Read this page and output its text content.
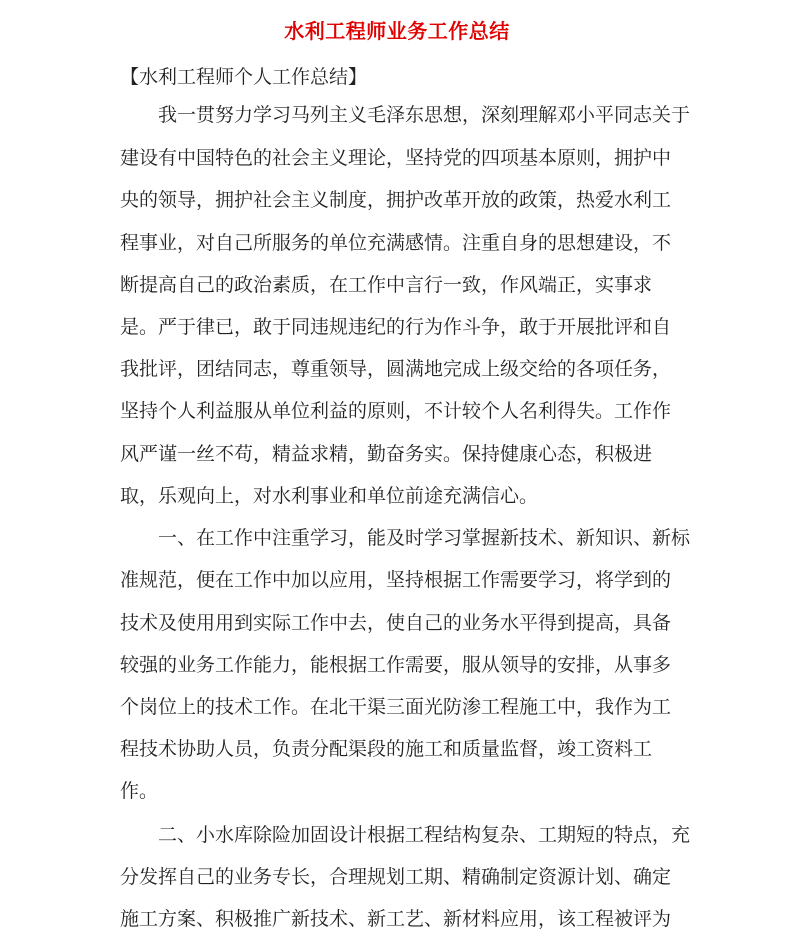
水利工程师业务工作总结
【水利工程师个人工作总结】
　　我一贯努力学习马列主义毛泽东思想，深刻理解邓小平同志关于
建设有中国特色的社会主义理论，坚持党的四项基本原则，拥护中
央的领导，拥护社会主义制度，拥护改革开放的政策，热爱水利工
程事业，对自己所服务的单位充满感情。注重自身的思想建设，不
断提高自己的政治素质，在工作中言行一致，作风端正，实事求
是。严于律已，敢于同违规违纪的行为作斗争，敢于开展批评和自
我批评，团结同志，尊重领导，圆满地完成上级交给的各项任务，
坚持个人利益服从单位利益的原则，不计较个人名利得失。工作作
风严谨一丝不苟，精益求精，勤奋务实。保持健康心态，积极进
取，乐观向上，对水利事业和单位前途充满信心。
　　一、在工作中注重学习，能及时学习掌握新技术、新知识、新标
准规范，便在工作中加以应用，坚持根据工作需要学习，将学到的
技术及使用用到实际工作中去，使自己的业务水平得到提高，具备
较强的业务工作能力，能根据工作需要，服从领导的安排，从事多
个岗位上的技术工作。在北干渠三面光防渗工程施工中，我作为工
程技术协助人员，负责分配渠段的施工和质量监督，竣工资料工
作。
　　二、小水库除险加固设计根据工程结构复杂、工期短的特点，充
分发挥自己的业务专长，合理规划工期、精确制定资源计划、确定
施工方案、积极推广新技术、新工艺、新材料应用，该工程被评为
